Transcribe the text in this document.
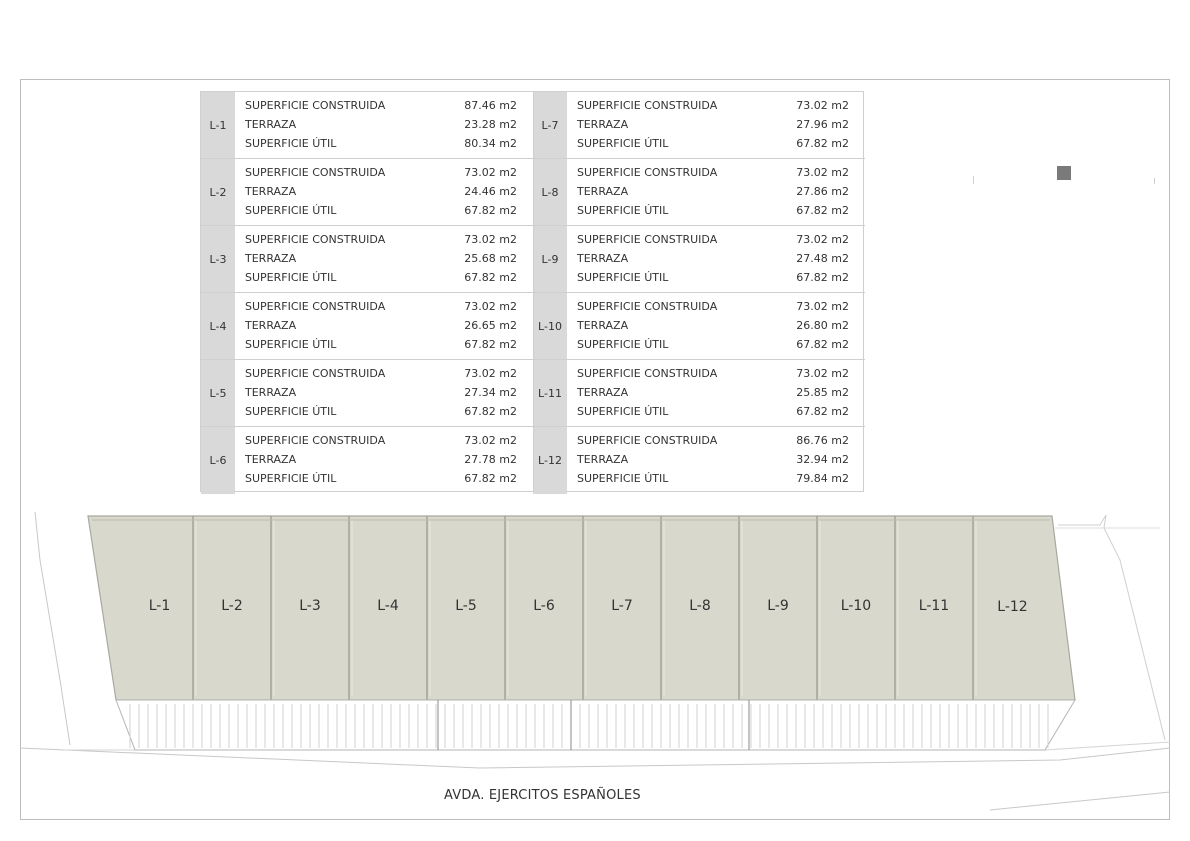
L-1
SUPERFICIE CONSTRUIDA	87.46 m2
TERRAZA	23.28 m2
SUPERFICIE ÚTIL	80.34 m2
L-2
SUPERFICIE CONSTRUIDA	73.02 m2
TERRAZA	24.46 m2
SUPERFICIE ÚTIL	67.82 m2
L-3
SUPERFICIE CONSTRUIDA	73.02 m2
TERRAZA	25.68 m2
SUPERFICIE ÚTIL	67.82 m2
L-4
SUPERFICIE CONSTRUIDA	73.02 m2
TERRAZA	26.65 m2
SUPERFICIE ÚTIL	67.82 m2
L-5
SUPERFICIE CONSTRUIDA	73.02 m2
TERRAZA	27.34 m2
SUPERFICIE ÚTIL	67.82 m2
L-6
SUPERFICIE CONSTRUIDA	73.02 m2
TERRAZA	27.78 m2
SUPERFICIE ÚTIL	67.82 m2
L-7
SUPERFICIE CONSTRUIDA	73.02 m2
TERRAZA	27.96 m2
SUPERFICIE ÚTIL	67.82 m2
L-8
SUPERFICIE CONSTRUIDA	73.02 m2
TERRAZA	27.86 m2
SUPERFICIE ÚTIL	67.82 m2
L-9
SUPERFICIE CONSTRUIDA	73.02 m2
TERRAZA	27.48 m2
SUPERFICIE ÚTIL	67.82 m2
L-10
SUPERFICIE CONSTRUIDA	73.02 m2
TERRAZA	26.80 m2
SUPERFICIE ÚTIL	67.82 m2
L-11
SUPERFICIE CONSTRUIDA	73.02 m2
TERRAZA	25.85 m2
SUPERFICIE ÚTIL	67.82 m2
L-12
SUPERFICIE CONSTRUIDA	86.76 m2
TERRAZA	32.94 m2
SUPERFICIE ÚTIL	79.84 m2
L-1	L-2	L-3	L-4	L-5	L-6	L-7	L-8	L-9	L-10	L-11	L-12
AVDA. EJERCITOS ESPAÑOLES
